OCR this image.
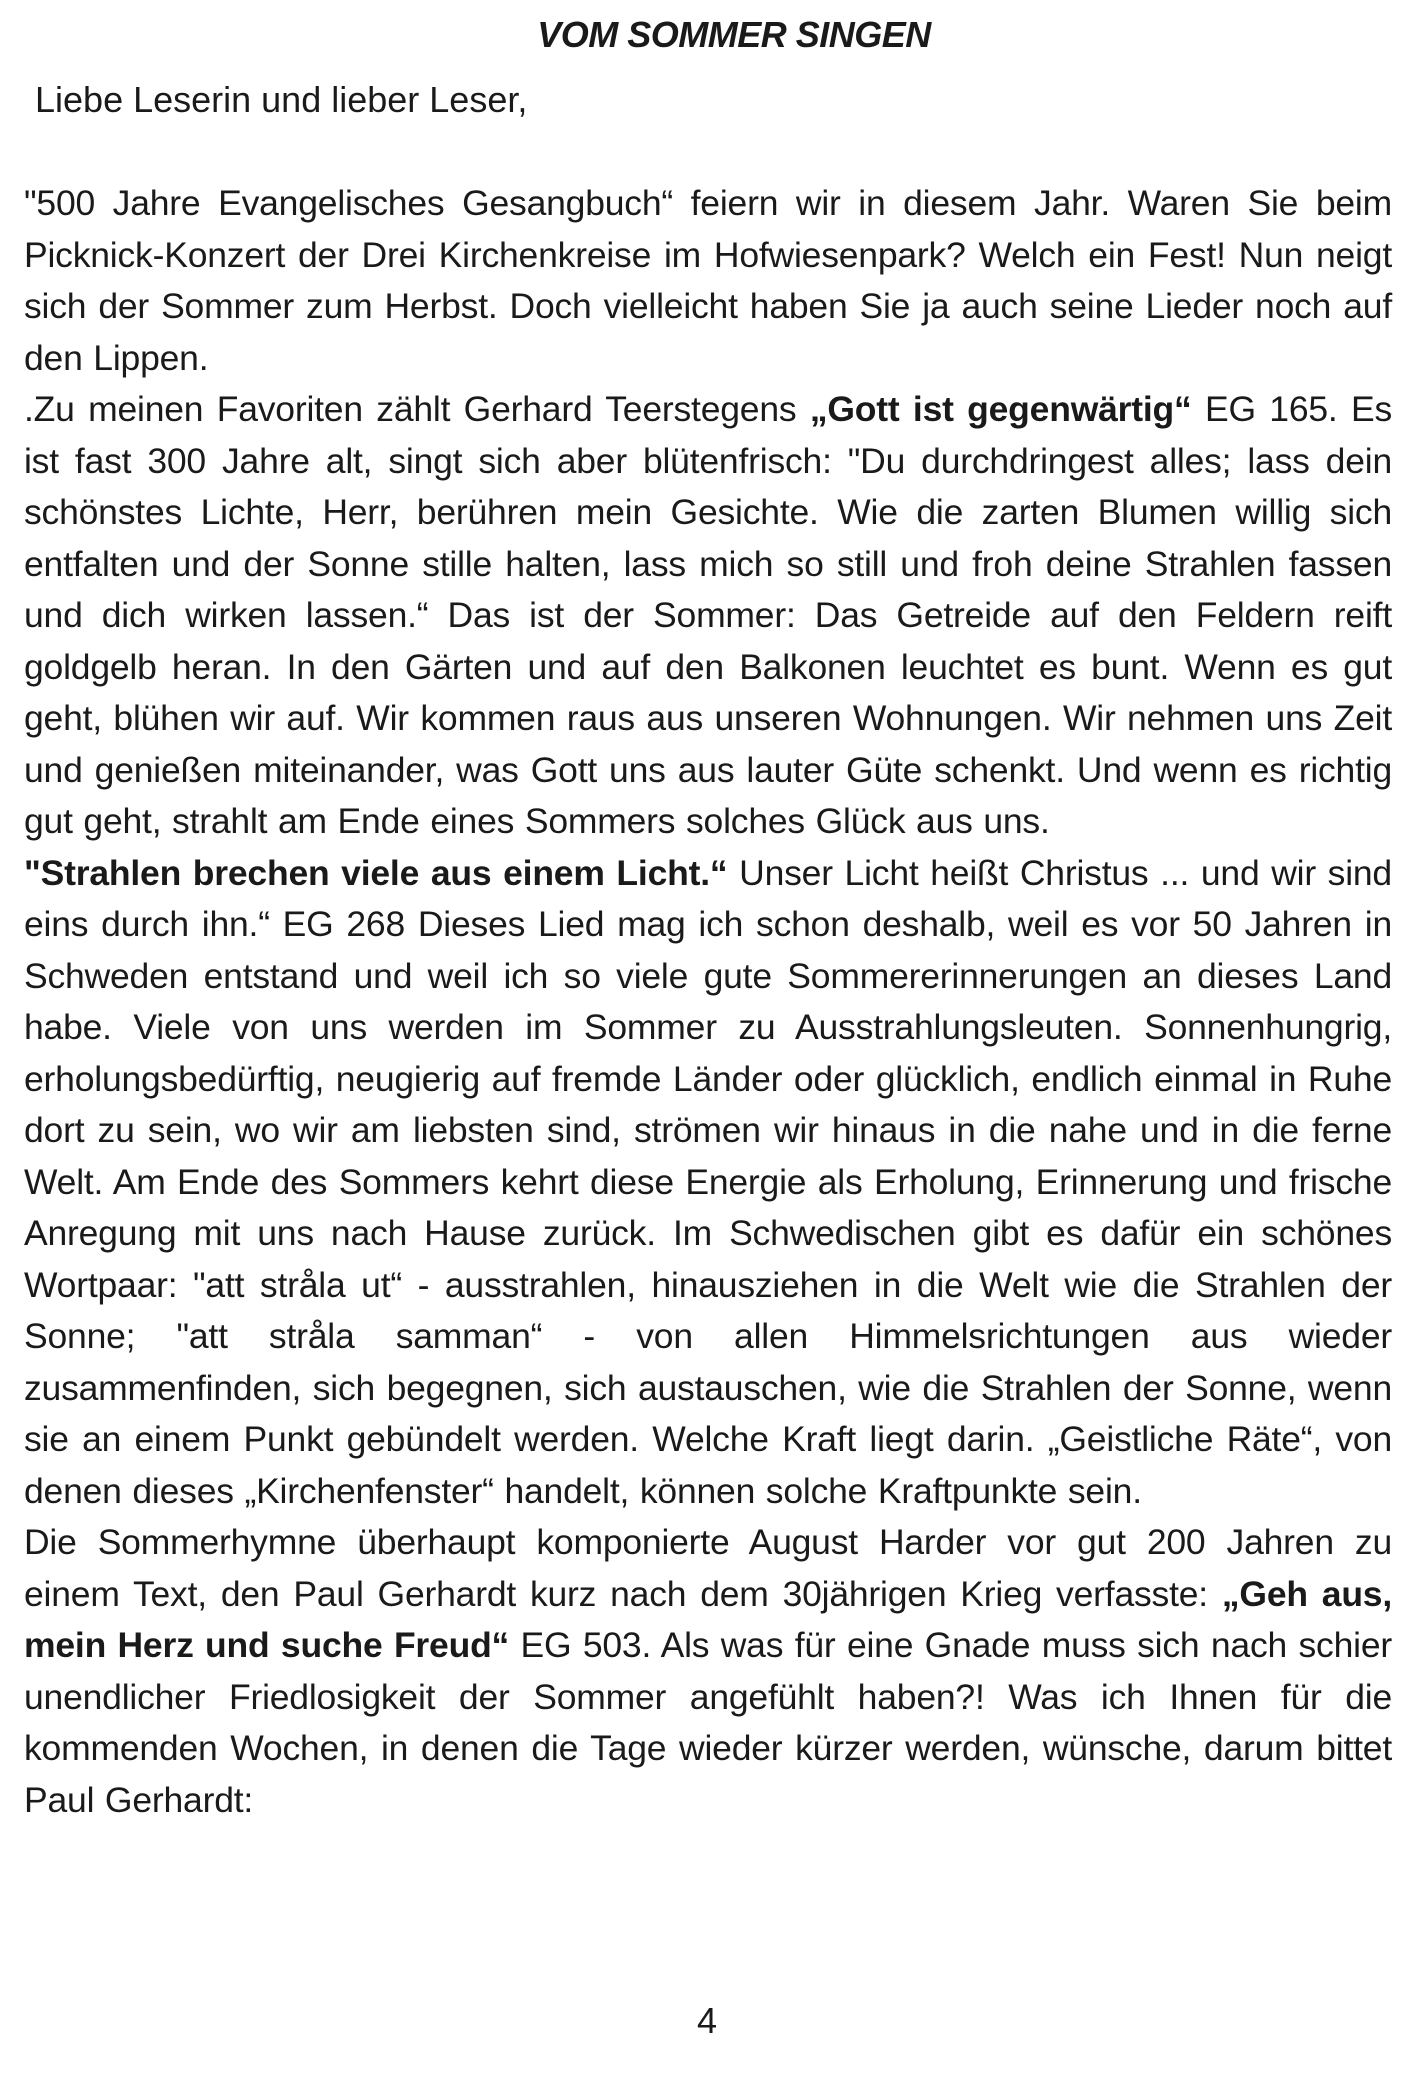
VOM SOMMER SINGEN
Liebe Leserin und lieber Leser,

"500 Jahre Evangelisches Gesangbuch“ feiern wir in diesem Jahr. Waren Sie beim Picknick-Konzert der Drei Kirchenkreise im Hofwiesenpark? Welch ein Fest! Nun neigt sich der Sommer zum Herbst. Doch vielleicht haben Sie ja auch seine Lieder noch auf den Lippen.

.Zu meinen Favoriten zählt Gerhard Teerstegens „Gott ist gegenwärtig“ EG 165. Es ist fast 300 Jahre alt, singt sich aber blütenfrisch: "Du durchdringest alles; lass dein schönstes Lichte, Herr, berühren mein Gesichte. Wie die zarten Blumen willig sich entfalten und der Sonne stille halten, lass mich so still und froh deine Strahlen fassen und dich wirken lassen.“ Das ist der Sommer: Das Getreide auf den Feldern reift goldgelb heran. In den Gärten und auf den Balkonen leuchtet es bunt. Wenn es gut geht, blühen wir auf. Wir kommen raus aus unseren Wohnungen. Wir nehmen uns Zeit und genießen miteinander, was Gott uns aus lauter Güte schenkt. Und wenn es richtig gut geht, strahlt am Ende eines Sommers solches Glück aus uns.

"Strahlen brechen viele aus einem Licht.“ Unser Licht heißt Christus ... und wir sind eins durch ihn.“ EG 268 Dieses Lied mag ich schon deshalb, weil es vor 50 Jahren in Schweden entstand und weil ich so viele gute Sommererinnerungen an dieses Land habe. Viele von uns werden im Sommer zu Ausstrahlungsleuten. Sonnenhungrig, erholungsbedürftig, neugierig auf fremde Länder oder glücklich, endlich einmal in Ruhe dort zu sein, wo wir am liebsten sind, strömen wir hinaus in die nahe und in die ferne Welt. Am Ende des Sommers kehrt diese Energie als Erholung, Erinnerung und frische Anregung mit uns nach Hause zurück. Im Schwedischen gibt es dafür ein schönes Wortpaar: "att stråla ut“ - ausstrahlen, hinausziehen in die Welt wie die Strahlen der Sonne; "att stråla samman“ - von allen Himmelsrichtungen aus wieder zusammenfinden, sich begegnen, sich austauschen, wie die Strahlen der Sonne, wenn sie an einem Punkt gebündelt werden. Welche Kraft liegt darin. „Geistliche Räte“, von denen dieses „Kirchenfenster“ handelt, können solche Kraftpunkte sein.

Die Sommerhymne überhaupt komponierte August Harder vor gut 200 Jahren zu einem Text, den Paul Gerhardt kurz nach dem 30jährigen Krieg verfasste: „Geh aus, mein Herz und suche Freud“ EG 503. Als was für eine Gnade muss sich nach schier unendlicher Friedlosigkeit der Sommer angefühlt haben?! Was ich Ihnen für die kommenden Wochen, in denen die Tage wieder kürzer werden, wünsche, darum bittet Paul Gerhardt:

4
